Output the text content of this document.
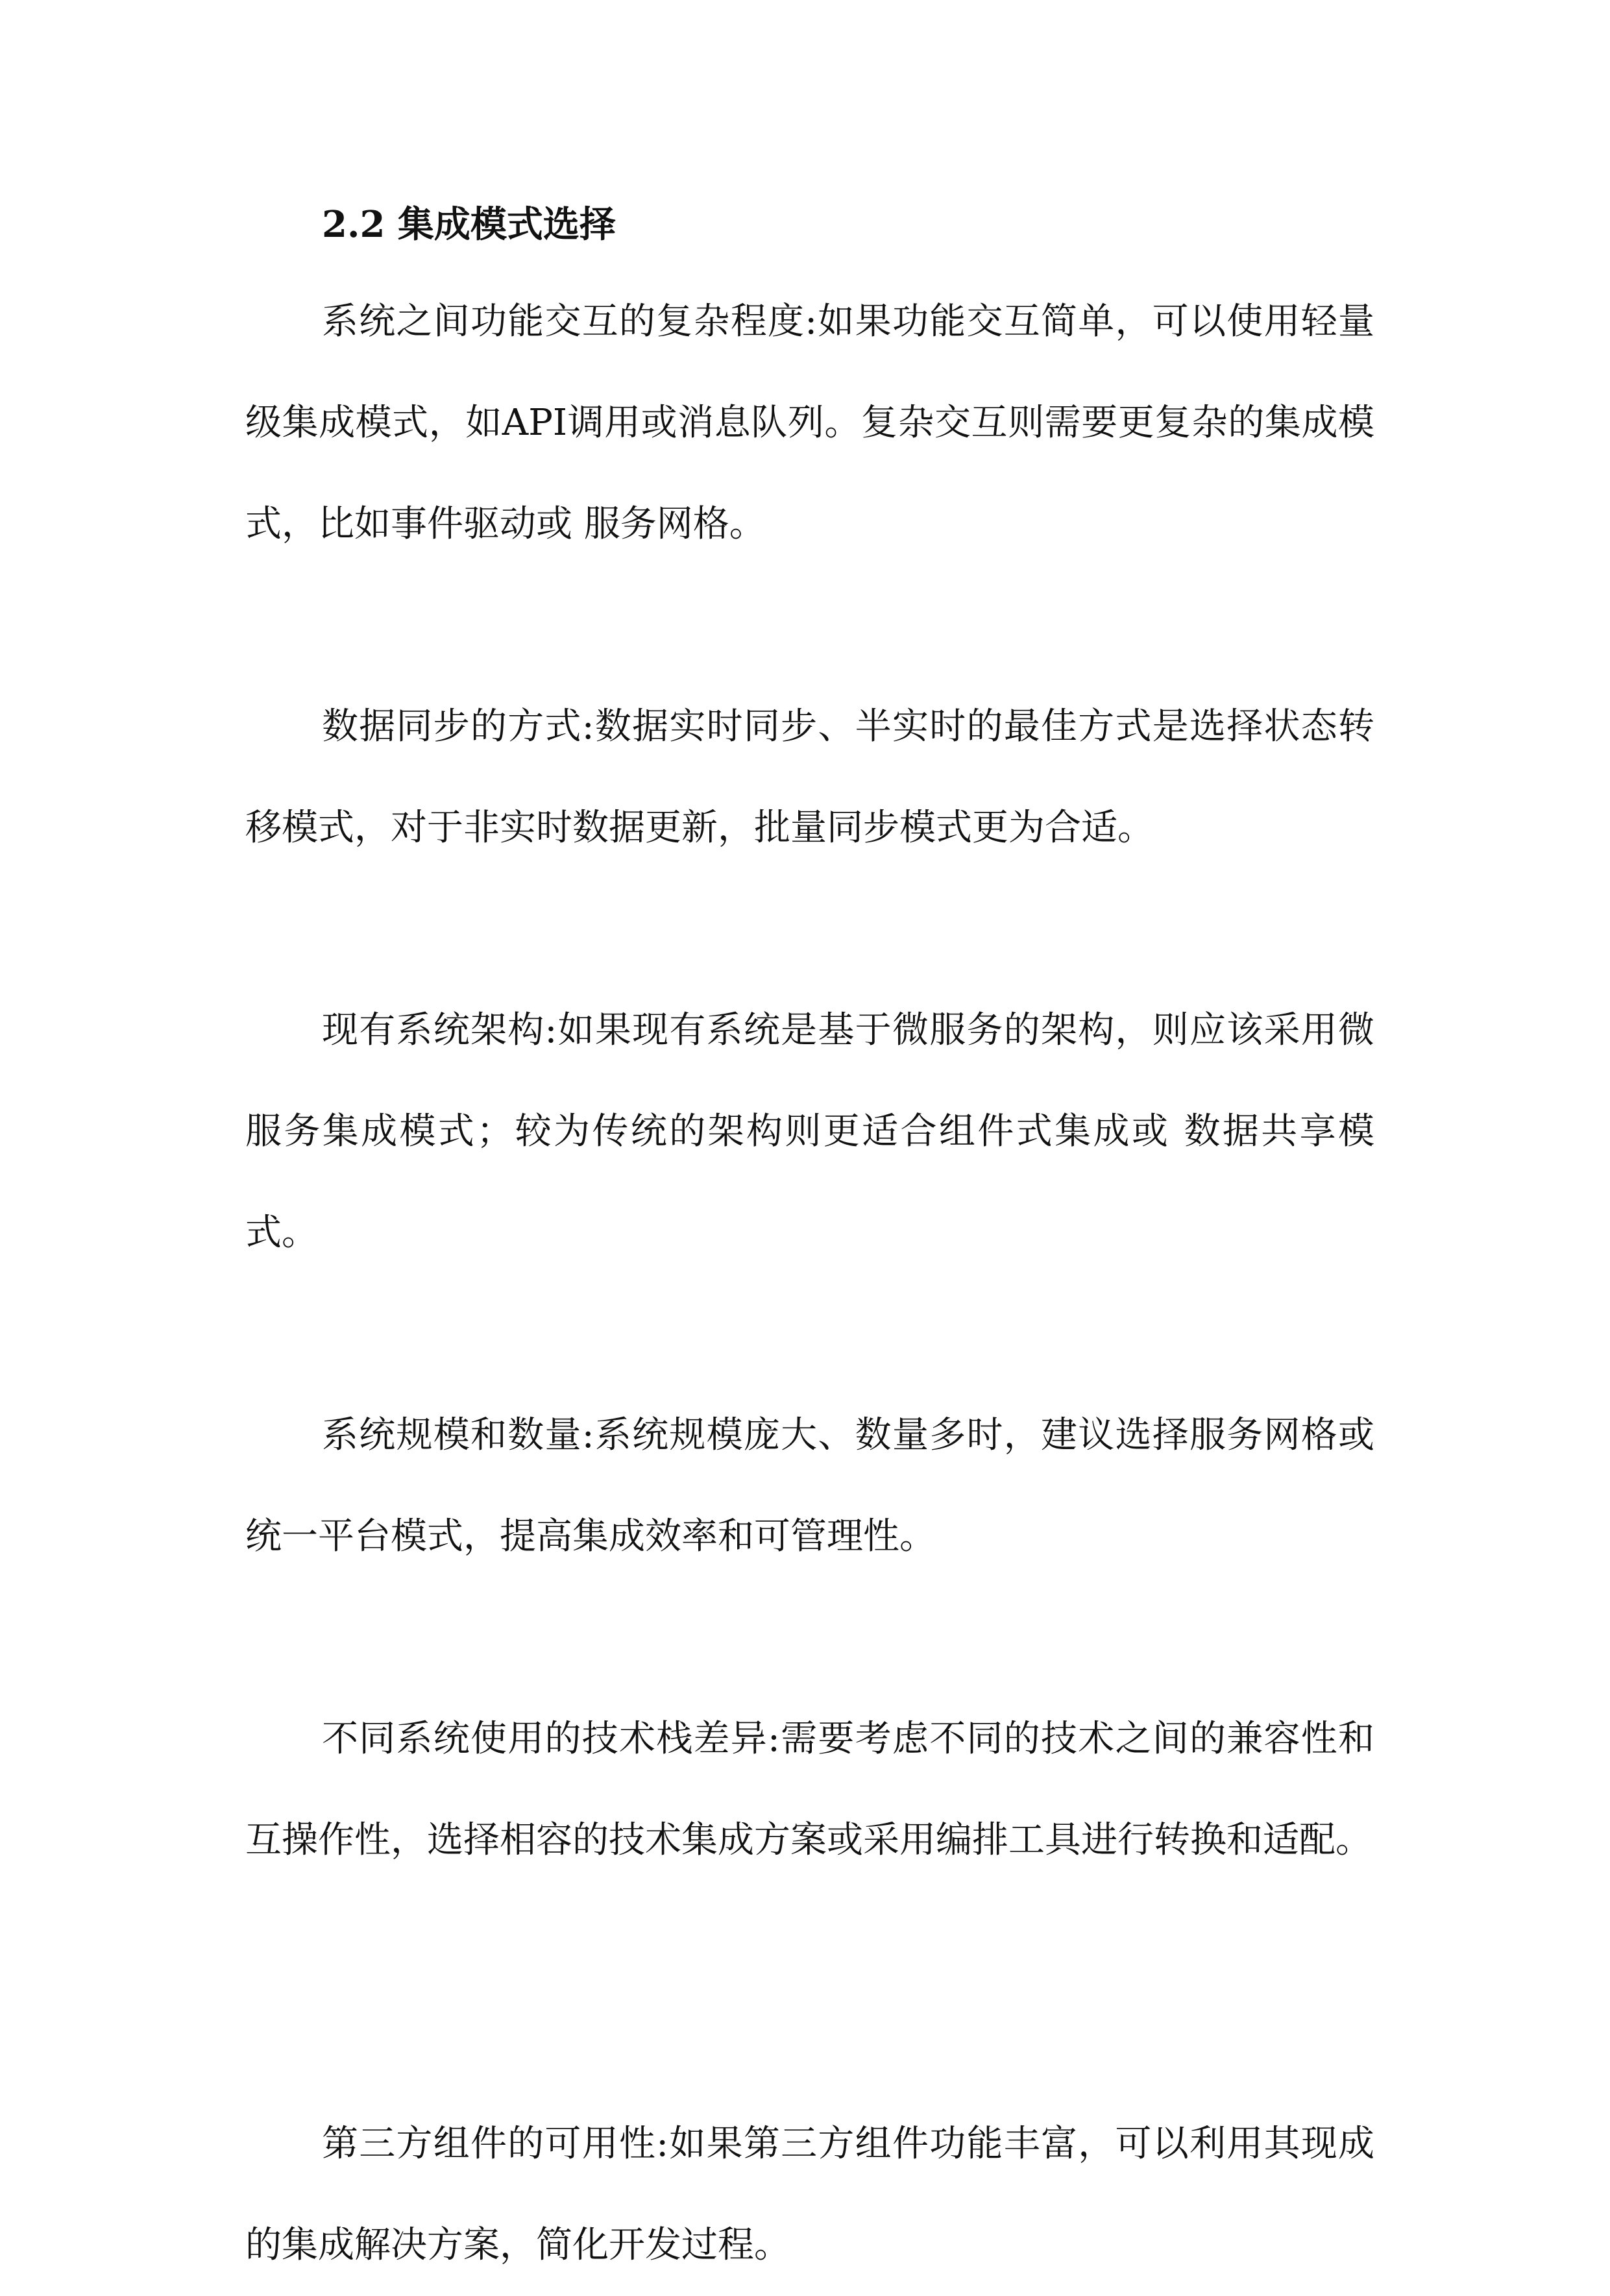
2.2 集成模式选择

系统之间功能交互的复杂程度:如果功能交互简单，可以使用轻量级集成模式，如API调用或消息队列。复杂交互则需要更复杂的集成模式，比如事件驱动或 服务网格。

数据同步的方式:数据实时同步、半实时的最佳方式是选择状态转移模式，对于非实时数据更新，批量同步模式更为合适。

现有系统架构:如果现有系统是基于微服务的架构，则应该采用微服务集成模式；较为传统的架构则更适合组件式集成或 数据共享模式。

系统规模和数量:系统规模庞大、数量多时，建议选择服务网格或 统一平台模式，提高集成效率和可管理性。

不同系统使用的技术栈差异:需要考虑不同的技术之间的兼容性和互操作性，选择相容的技术集成方案或采用编排工具进行转换和适配。

第三方组件的可用性:如果第三方组件功能丰富，可以利用其现成的集成解决方案，简化开发过程。
